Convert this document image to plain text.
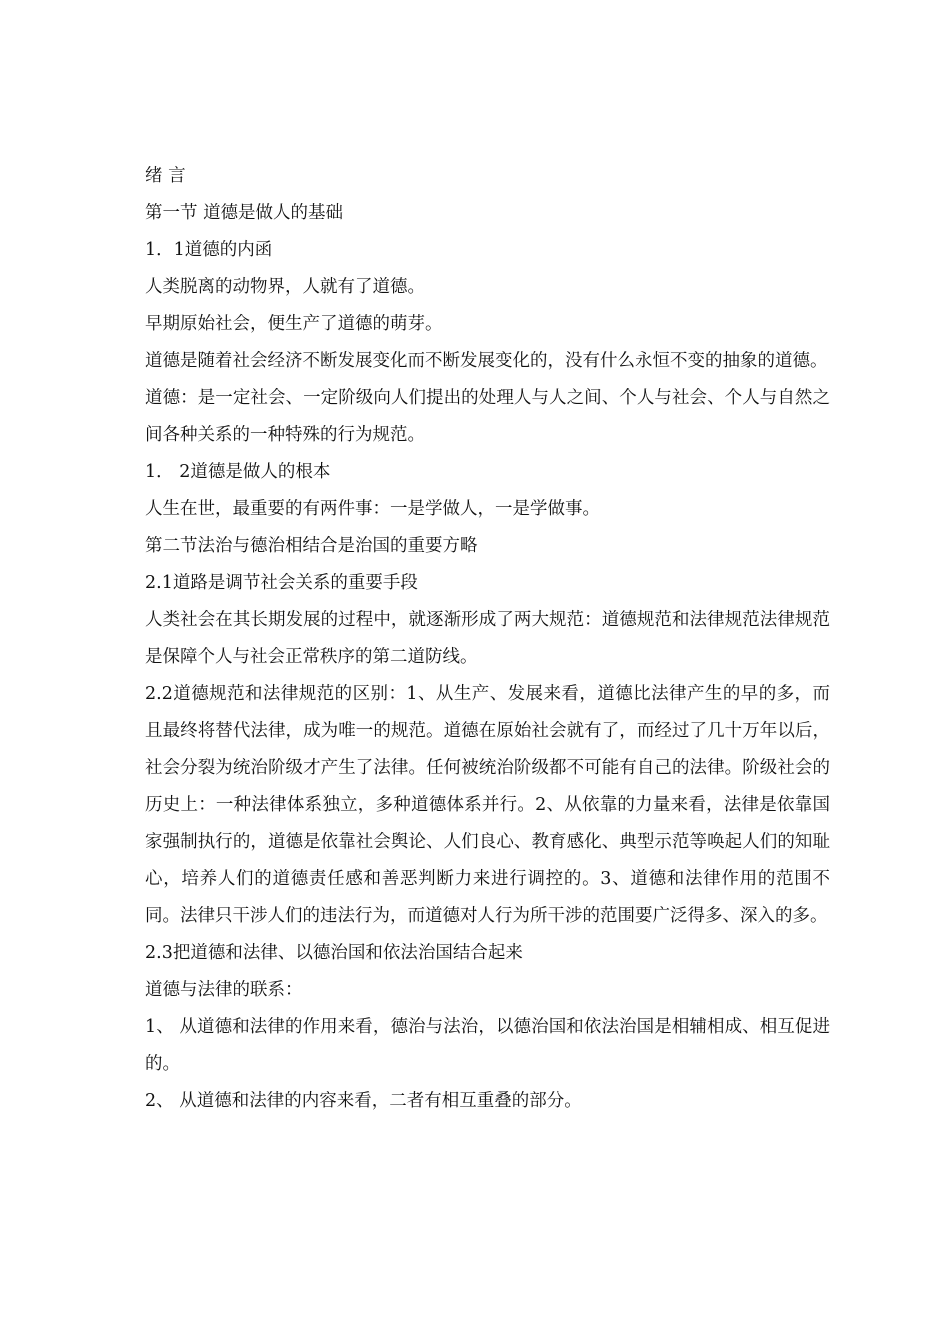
绪 言

第一节 道德是做人的基础

1．1道德的内函

人类脱离的动物界，人就有了道德。

早期原始社会，便生产了道德的萌芽。

道德是随着社会经济不断发展变化而不断发展变化的，没有什么永恒不变的抽象的道德。

道德：是一定社会、一定阶级向人们提出的处理人与人之间、个人与社会、个人与自然之间各种关系的一种特殊的行为规范。

1． 2道德是做人的根本

人生在世，最重要的有两件事：一是学做人，一是学做事。

第二节法治与德治相结合是治国的重要方略

2.1道路是调节社会关系的重要手段

人类社会在其长期发展的过程中，就逐渐形成了两大规范：道德规范和法律规范法律规范是保障个人与社会正常秩序的第二道防线。

2.2道德规范和法律规范的区别：1、从生产、发展来看，道德比法律产生的早的多，而且最终将替代法律，成为唯一的规范。道德在原始社会就有了，而经过了几十万年以后，社会分裂为统治阶级才产生了法律。任何被统治阶级都不可能有自己的法律。阶级社会的历史上：一种法律体系独立，多种道德体系并行。2、从依靠的力量来看，法律是依靠国家强制执行的，道德是依靠社会舆论、人们良心、教育感化、典型示范等唤起人们的知耻心，培养人们的道德责任感和善恶判断力来进行调控的。3、道德和法律作用的范围不同。法律只干涉人们的违法行为，而道德对人行为所干涉的范围要广泛得多、深入的多。

2.3把道德和法律、以德治国和依法治国结合起来

道德与法律的联系：

1、 从道德和法律的作用来看，德治与法治，以德治国和依法治国是相辅相成、相互促进的。

2、 从道德和法律的内容来看，二者有相互重叠的部分。
